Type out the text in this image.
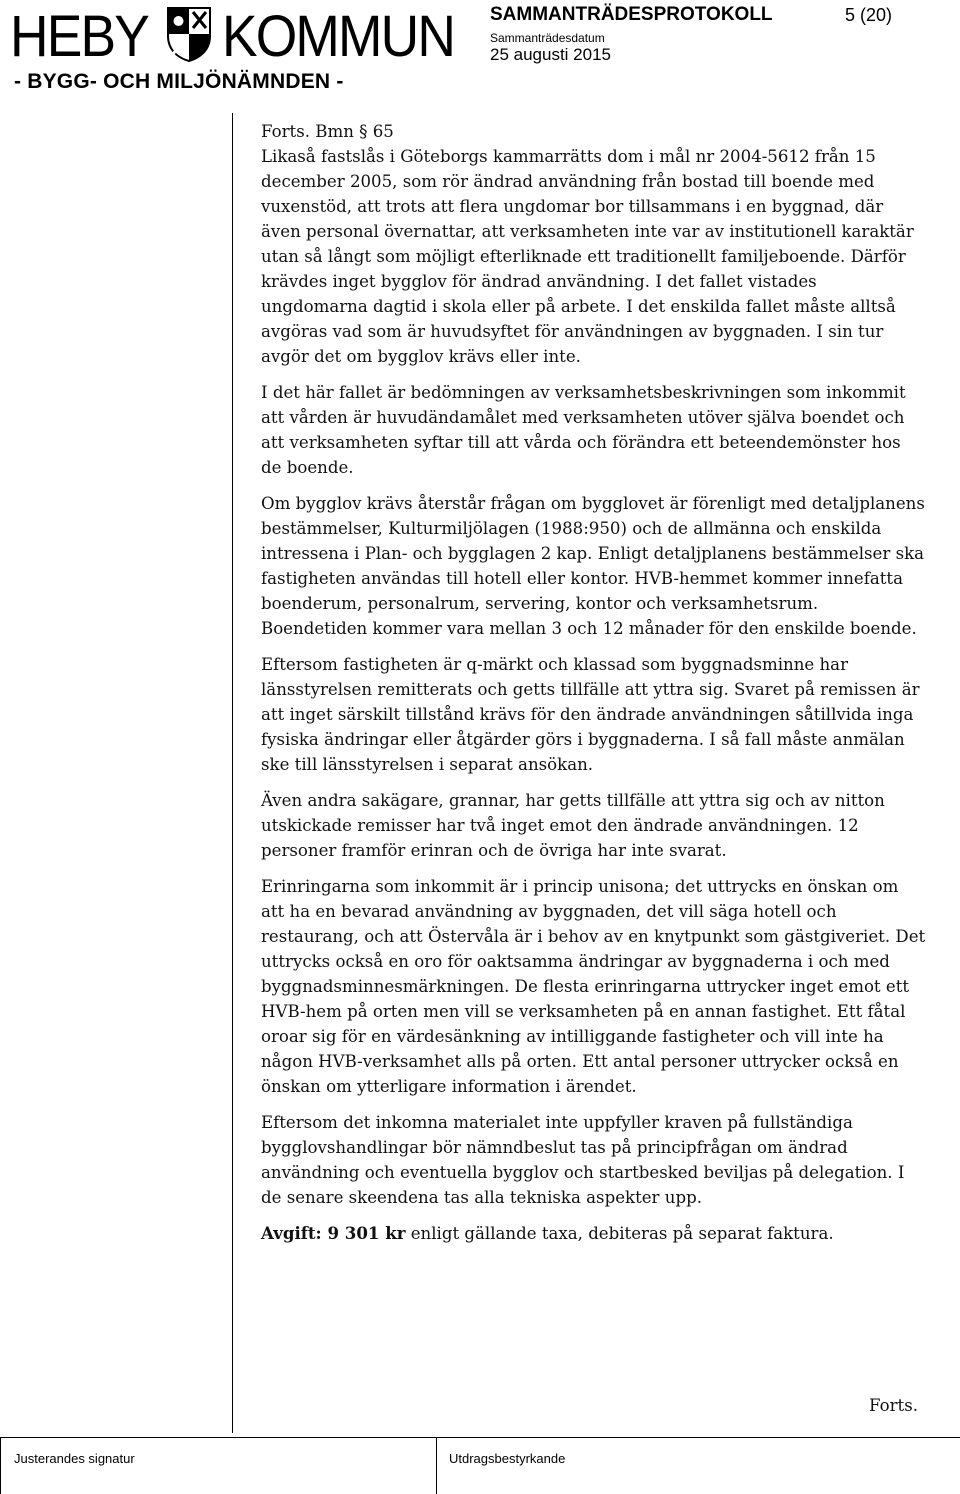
HEBY KOMMUN
- BYGG- OCH MILJÖNÄMNDEN -
SAMMANTRÄDESPROTOKOLL	5 (20)
Sammanträdesdatum
25 augusti 2015

Forts. Bmn § 65

Likaså fastslås i Göteborgs kammarrätts dom i mål nr 2004-5612 från 15 december 2005, som rör ändrad användning från bostad till boende med vuxenstöd, att trots att flera ungdomar bor tillsammans i en byggnad, där även personal övernattar, att verksamheten inte var av institutionell karaktär utan så långt som möjligt efterliknade ett traditionellt familjeboende. Därför krävdes inget bygglov för ändrad användning. I det fallet vistades ungdomarna dagtid i skola eller på arbete. I det enskilda fallet måste alltså avgöras vad som är huvudsyftet för användningen av byggnaden. I sin tur avgör det om bygglov krävs eller inte.

I det här fallet är bedömningen av verksamhetsbeskrivningen som inkommit att vården är huvudändamålet med verksamheten utöver själva boendet och att verksamheten syftar till att vårda och förändra ett beteendemönster hos de boende.

Om bygglov krävs återstår frågan om bygglovet är förenligt med detaljplanens bestämmelser, Kulturmiljölagen (1988:950) och de allmänna och enskilda intressena i Plan- och bygglagen 2 kap. Enligt detaljplanens bestämmelser ska fastigheten användas till hotell eller kontor. HVB-hemmet kommer innefatta boenderum, personalrum, servering, kontor och verksamhetsrum. Boendetiden kommer vara mellan 3 och 12 månader för den enskilde boende.

Eftersom fastigheten är q-märkt och klassad som byggnadsminne har länsstyrelsen remitterats och getts tillfälle att yttra sig. Svaret på remissen är att inget särskilt tillstånd krävs för den ändrade användningen såtillvida inga fysiska ändringar eller åtgärder görs i byggnaderna. I så fall måste anmälan ske till länsstyrelsen i separat ansökan.

Även andra sakägare, grannar, har getts tillfälle att yttra sig och av nitton utskickade remisser har två inget emot den ändrade användningen. 12 personer framför erinran och de övriga har inte svarat.

Erinringarna som inkommit är i princip unisona; det uttrycks en önskan om att ha en bevarad användning av byggnaden, det vill säga hotell och restaurang, och att Östervåla är i behov av en knytpunkt som gästgiveriet. Det uttrycks också en oro för oaktsamma ändringar av byggnaderna i och med byggnadsminnesmärkningen. De flesta erinringarna uttrycker inget emot ett HVB-hem på orten men vill se verksamheten på en annan fastighet. Ett fåtal oroar sig för en värdesänkning av intilliggande fastigheter och vill inte ha någon HVB-verksamhet alls på orten. Ett antal personer uttrycker också en önskan om ytterligare information i ärendet.

Eftersom det inkomna materialet inte uppfyller kraven på fullständiga bygglovshandlingar bör nämndbeslut tas på principfrågan om ändrad användning och eventuella bygglov och startbesked beviljas på delegation. I de senare skeendena tas alla tekniska aspekter upp.

Avgift: 9 301 kr enligt gällande taxa, debiteras på separat faktura.

Forts.
Justerandes signatur	Utdragsbestyrkande
